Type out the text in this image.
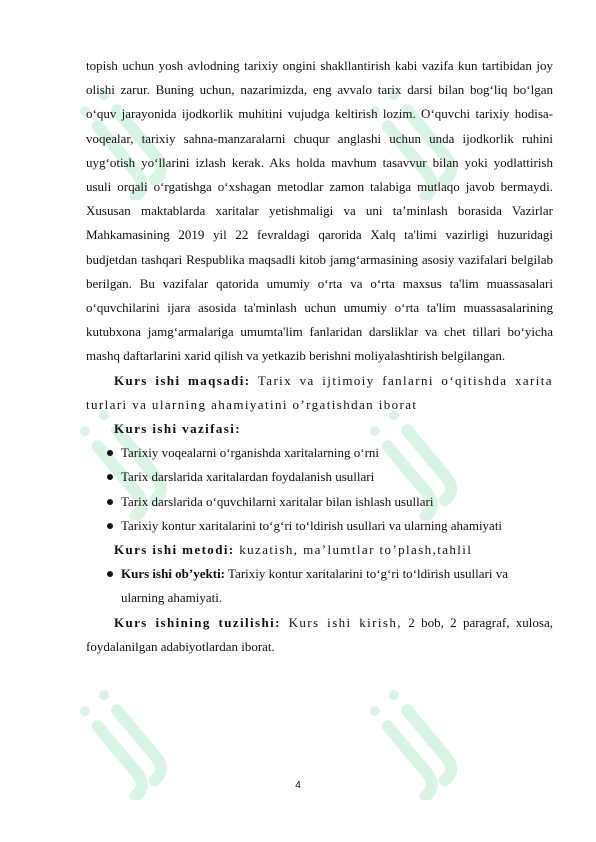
topish uchun yosh avlodning tarixiy ongini shakllantirish kabi vazifa kun tartibidan joy olishi zarur. Buning uchun, nazarimizda, eng avvalo tarix darsi bilan bog‘liq bo‘lgan o‘quv jarayonida ijodkorlik muhitini vujudga keltirish lozim. O‘quvchi tarixiy hodisa-voqealar, tarixiy sahna-manzaralarni chuqur anglashi uchun unda ijodkorlik ruhini uyg‘otish yo‘llarini izlash kerak. Aks holda mavhum tasavvur bilan yoki yodlattirish usuli orqali o‘rgatishga o‘xshagan metodlar zamon talabiga mutlaqo javob bermaydi. Xususan maktablarda xaritalar yetishmaligi va uni ta’minlash borasida Vazirlar Mahkamasining 2019 yil 22 fevraldagi qarorida Xalq ta'limi vazirligi huzuridagi budjetdan tashqari Respublika maqsadli kitob jamg‘armasining asosiy vazifalari belgilab berilgan. Bu vazifalar qatorida umumiy o‘rta va o‘rta maxsus ta'lim muassasalari o‘quvchilarini ijara asosida ta'minlash uchun umumiy o‘rta ta'lim muassasalarining kutubxona jamg‘armalariga umumta'lim fanlaridan darsliklar va chet tillari bo‘yicha mashq daftarlarini xarid qilish va yetkazib berishni moliyalashtirish belgilangan.

Kurs ishi maqsadi: Tarix va ijtimoiy fanlarni o‘qitishda xarita turlari va ularning ahamiyatini o’rgatishdan iborat

Kurs ishi vazifasi:

Tarixiy voqealarni o‘rganishda xaritalarning o‘rni
Tarix darslarida xaritalardan foydalanish usullari
Tarix darslarida o‘quvchilarni xaritalar bilan ishlash usullari
Tarixiy kontur xaritalarini to‘g‘ri to‘ldirish usullari va ularning ahamiyati

Kurs ishi metodi: kuzatish, ma’lumtlar to’plash,tahlil

Kurs ishi ob’yekti: Tarixiy kontur xaritalarini to‘g‘ri to‘ldirish usullari va ularning ahamiyati.

Kurs ishining tuzilishi: Kurs ishi kirish, 2 bob, 2 paragraf, xulosa, foydalanilgan adabiyotlardan iborat.

4
